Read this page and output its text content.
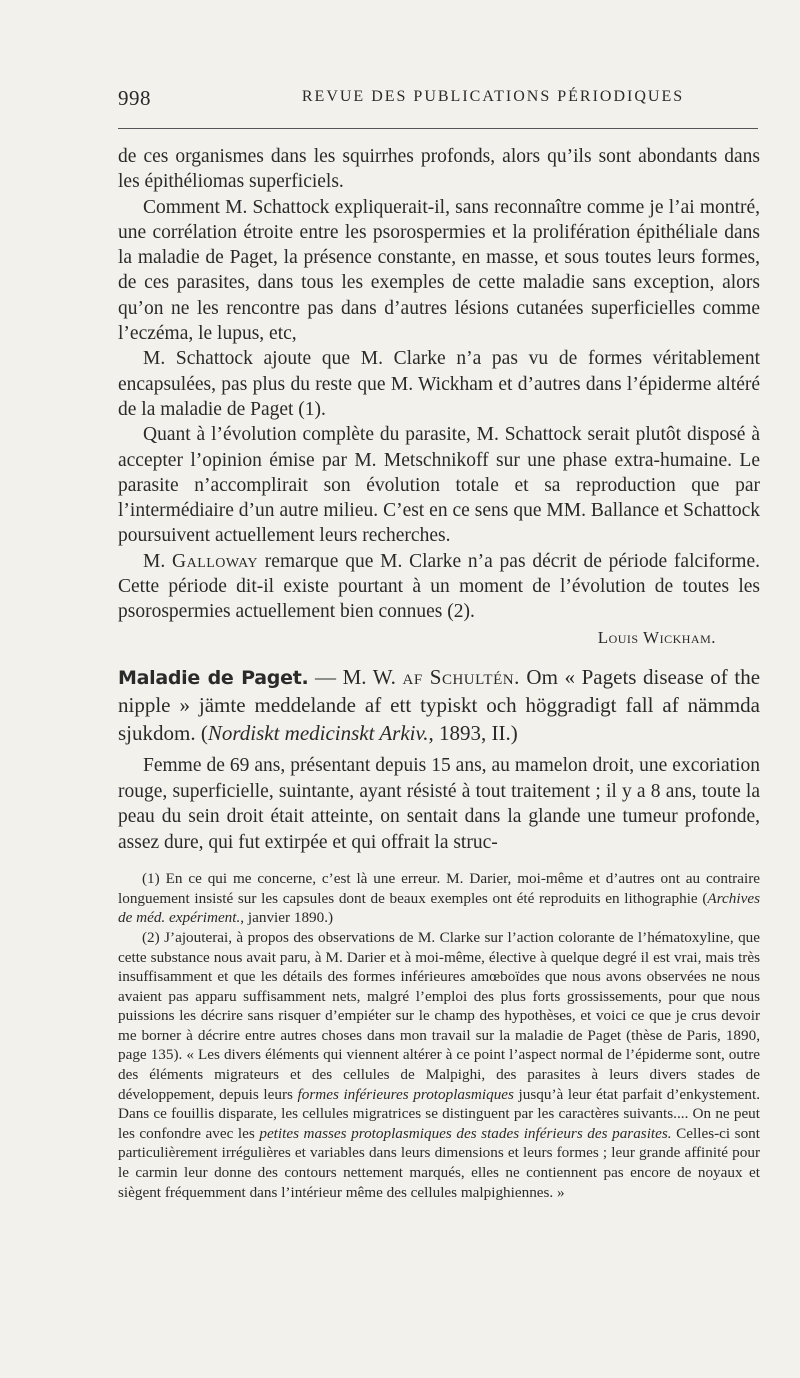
998	REVUE DES PUBLICATIONS PÉRIODIQUES

de ces organismes dans les squirrhes profonds, alors qu’ils sont abondants dans les épithéliomas superficiels.

Comment M. Schattock expliquerait-il, sans reconnaître comme je l’ai montré, une corrélation étroite entre les psorospermies et la prolifération épithéliale dans la maladie de Paget, la présence constante, en masse, et sous toutes leurs formes, de ces parasites, dans tous les exemples de cette maladie sans exception, alors qu’on ne les rencontre pas dans d’autres lésions cutanées superficielles comme l’eczéma, le lupus, etc,

M. Schattock ajoute que M. Clarke n’a pas vu de formes véritablement encapsulées, pas plus du reste que M. Wickham et d’autres dans l’épiderme altéré de la maladie de Paget (1).

Quant à l’évolution complète du parasite, M. Schattock serait plutôt disposé à accepter l’opinion émise par M. Metschnikoff sur une phase extra-humaine. Le parasite n’accomplirait son évolution totale et sa reproduction que par l’intermédiaire d’un autre milieu. C’est en ce sens que MM. Ballance et Schattock poursuivent actuellement leurs recherches.

M. Galloway remarque que M. Clarke n’a pas décrit de période falciforme. Cette période dit-il existe pourtant à un moment de l’évolution de toutes les psorospermies actuellement bien connues (2).

Louis Wickham.

Maladie de Paget. — M. W. af Schultén. Om « Pagets disease of the nipple » jämte meddelande af ett typiskt och höggradigt fall af nämmda sjukdom. (Nordiskt medicinskt Arkiv., 1893, II.)

Femme de 69 ans, présentant depuis 15 ans, au mamelon droit, une excoriation rouge, superficielle, suintante, ayant résisté à tout traitement ; il y a 8 ans, toute la peau du sein droit était atteinte, on sentait dans la glande une tumeur profonde, assez dure, qui fut extirpée et qui offrait la struc-

(1) En ce qui me concerne, c’est là une erreur. M. Darier, moi-même et d’autres ont au contraire longuement insisté sur les capsules dont de beaux exemples ont été reproduits en lithographie (Archives de méd. expériment., janvier 1890.)

(2) J’ajouterai, à propos des observations de M. Clarke sur l’action colorante de l’hématoxyline, que cette substance nous avait paru, à M. Darier et à moi-même, élective à quelque degré il est vrai, mais très insuffisamment et que les détails des formes inférieures amœboïdes que nous avons observées ne nous avaient pas apparu suffisamment nets, malgré l’emploi des plus forts grossissements, pour que nous puissions les décrire sans risquer d’empiéter sur le champ des hypothèses, et voici ce que je crus devoir me borner à décrire entre autres choses dans mon travail sur la maladie de Paget (thèse de Paris, 1890, page 135). « Les divers éléments qui viennent altérer à ce point l’aspect normal de l’épiderme sont, outre des éléments migrateurs et des cellules de Malpighi, des parasites à leurs divers stades de développement, depuis leurs formes inférieures protoplasmiques jusqu’à leur état parfait d’enkystement. Dans ce fouillis disparate, les cellules migratrices se distinguent par les caractères suivants.... On ne peut les confondre avec les petites masses protoplasmiques des stades inférieurs des parasites. Celles-ci sont particulièrement irrégulières et variables dans leurs dimensions et leurs formes ; leur grande affinité pour le carmin leur donne des contours nettement marqués, elles ne contiennent pas encore de noyaux et siègent fréquemment dans l’intérieur même des cellules malpighiennes. »
